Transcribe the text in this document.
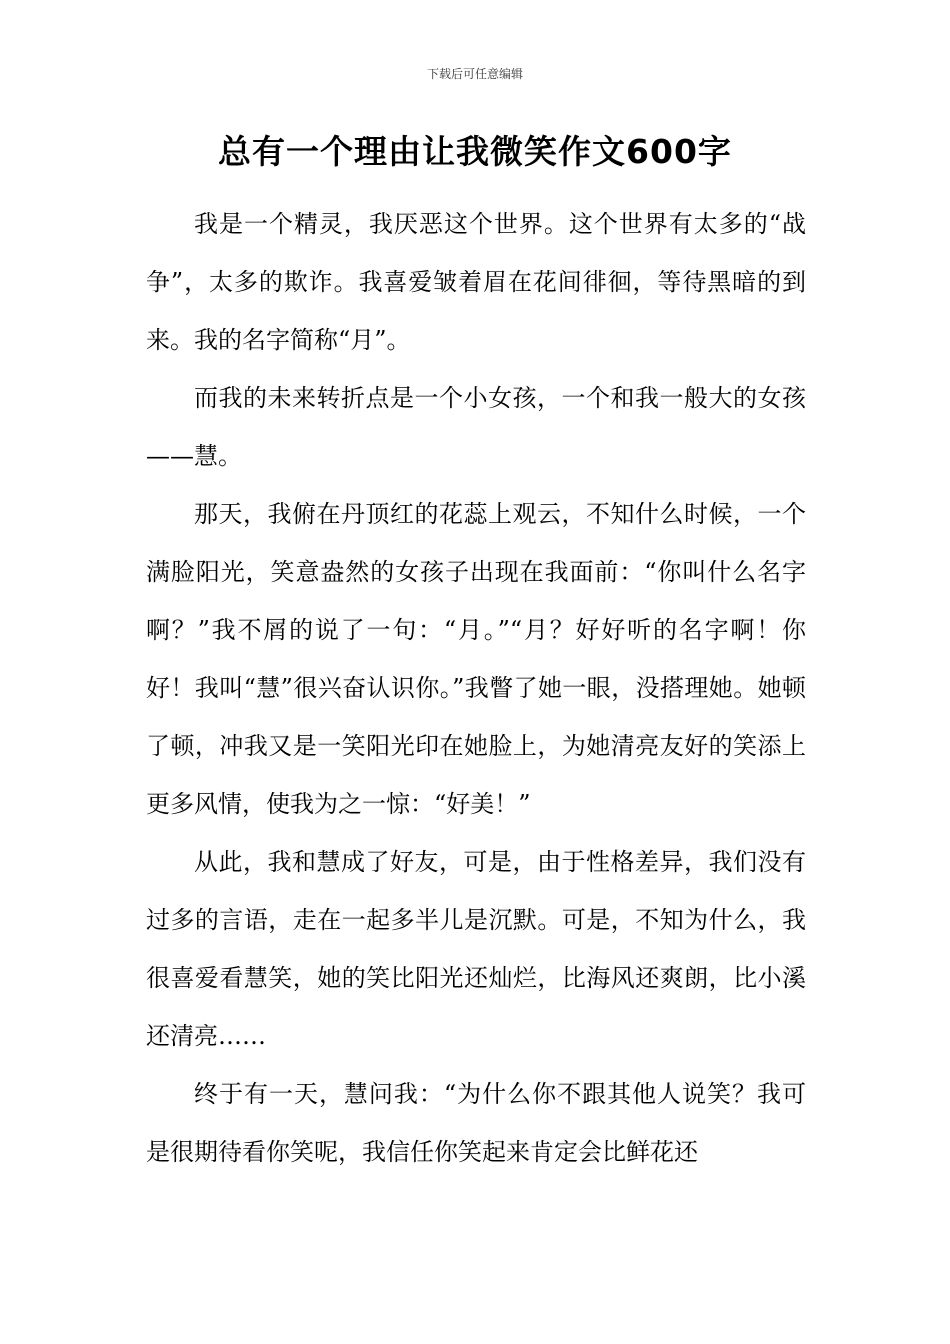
下载后可任意编辑
总有一个理由让我微笑作文600字

我是一个精灵，我厌恶这个世界。这个世界有太多的“战争”，太多的欺诈。我喜爱皱着眉在花间徘徊，等待黑暗的到来。我的名字简称“月”。

而我的未来转折点是一个小女孩，一个和我一般大的女孩——慧。

那天，我俯在丹顶红的花蕊上观云，不知什么时候，一个满脸阳光，笑意盎然的女孩子出现在我面前：“你叫什么名字啊？”我不屑的说了一句：“月。”“月？好好听的名字啊！你好！我叫“慧”很兴奋认识你。”我瞥了她一眼，没搭理她。她顿了顿，冲我又是一笑阳光印在她脸上，为她清亮友好的笑添上更多风情，使我为之一惊：“好美！”

从此，我和慧成了好友，可是，由于性格差异，我们没有过多的言语，走在一起多半儿是沉默。可是，不知为什么，我很喜爱看慧笑，她的笑比阳光还灿烂，比海风还爽朗，比小溪还清亮……

终于有一天，慧问我：“为什么你不跟其他人说笑？我可是很期待看你笑呢，我信任你笑起来肯定会比鲜花还
